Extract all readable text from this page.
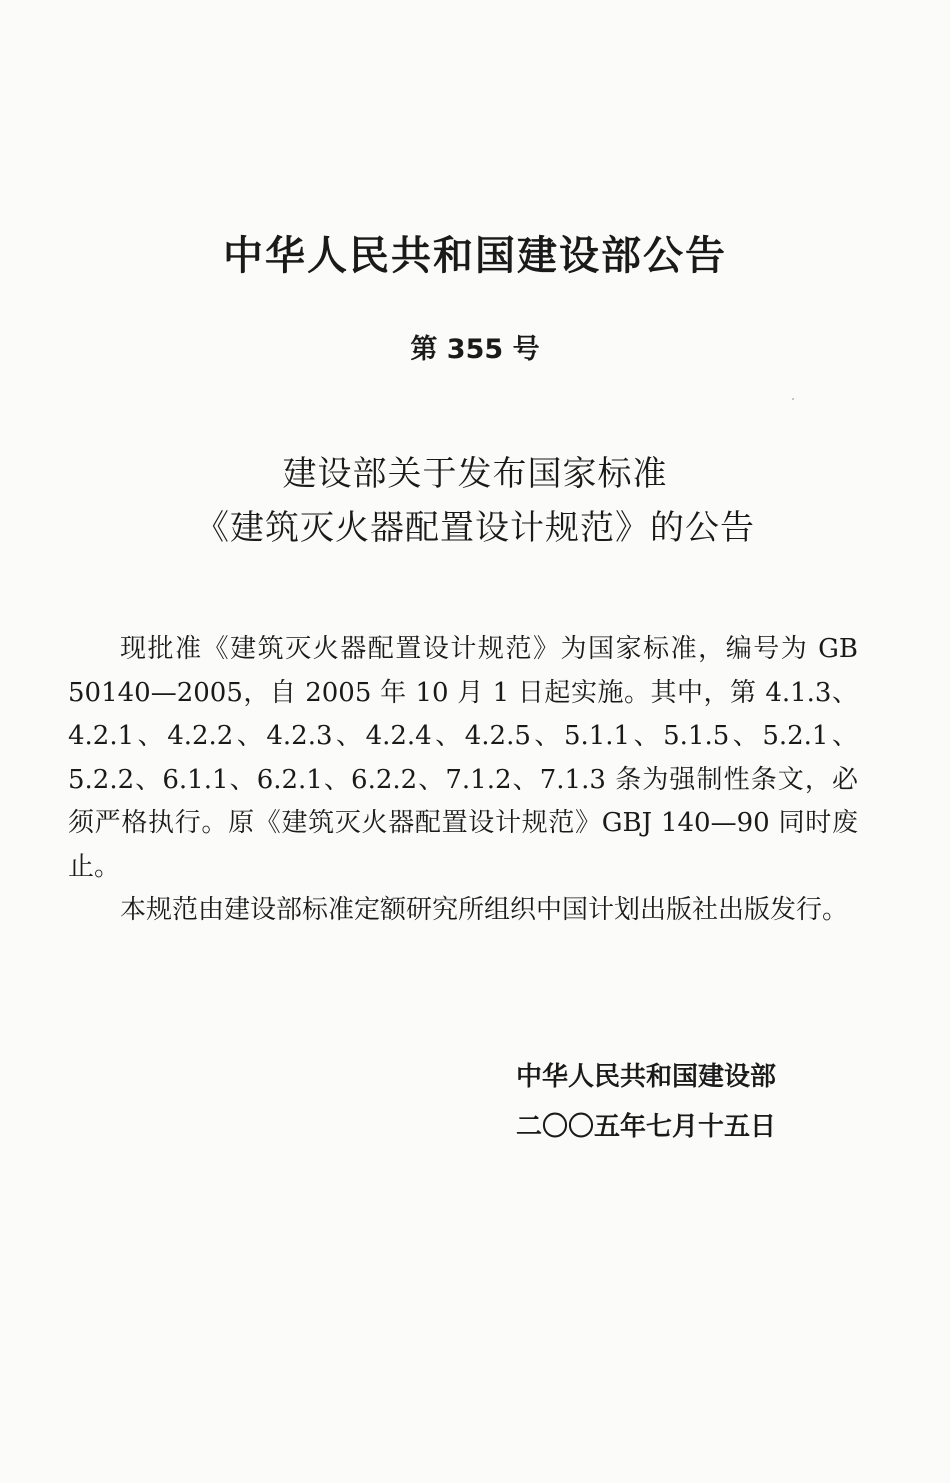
中华人民共和国建设部公告
第 355 号
建设部关于发布国家标准
《建筑灭火器配置设计规范》的公告

现批准《建筑灭火器配置设计规范》为国家标准，编号为 GB 50140—2005，自 2005 年 10 月 1 日起实施。其中，第 4.1.3、4.2.1、4.2.2、4.2.3、4.2.4、4.2.5、5.1.1、5.1.5、5.2.1、5.2.2、6.1.1、6.2.1、6.2.2、7.1.2、7.1.3 条为强制性条文，必须严格执行。原《建筑灭火器配置设计规范》GBJ 140—90 同时废止。

本规范由建设部标准定额研究所组织中国计划出版社出版发行。

中华人民共和国建设部
二〇〇五年七月十五日
